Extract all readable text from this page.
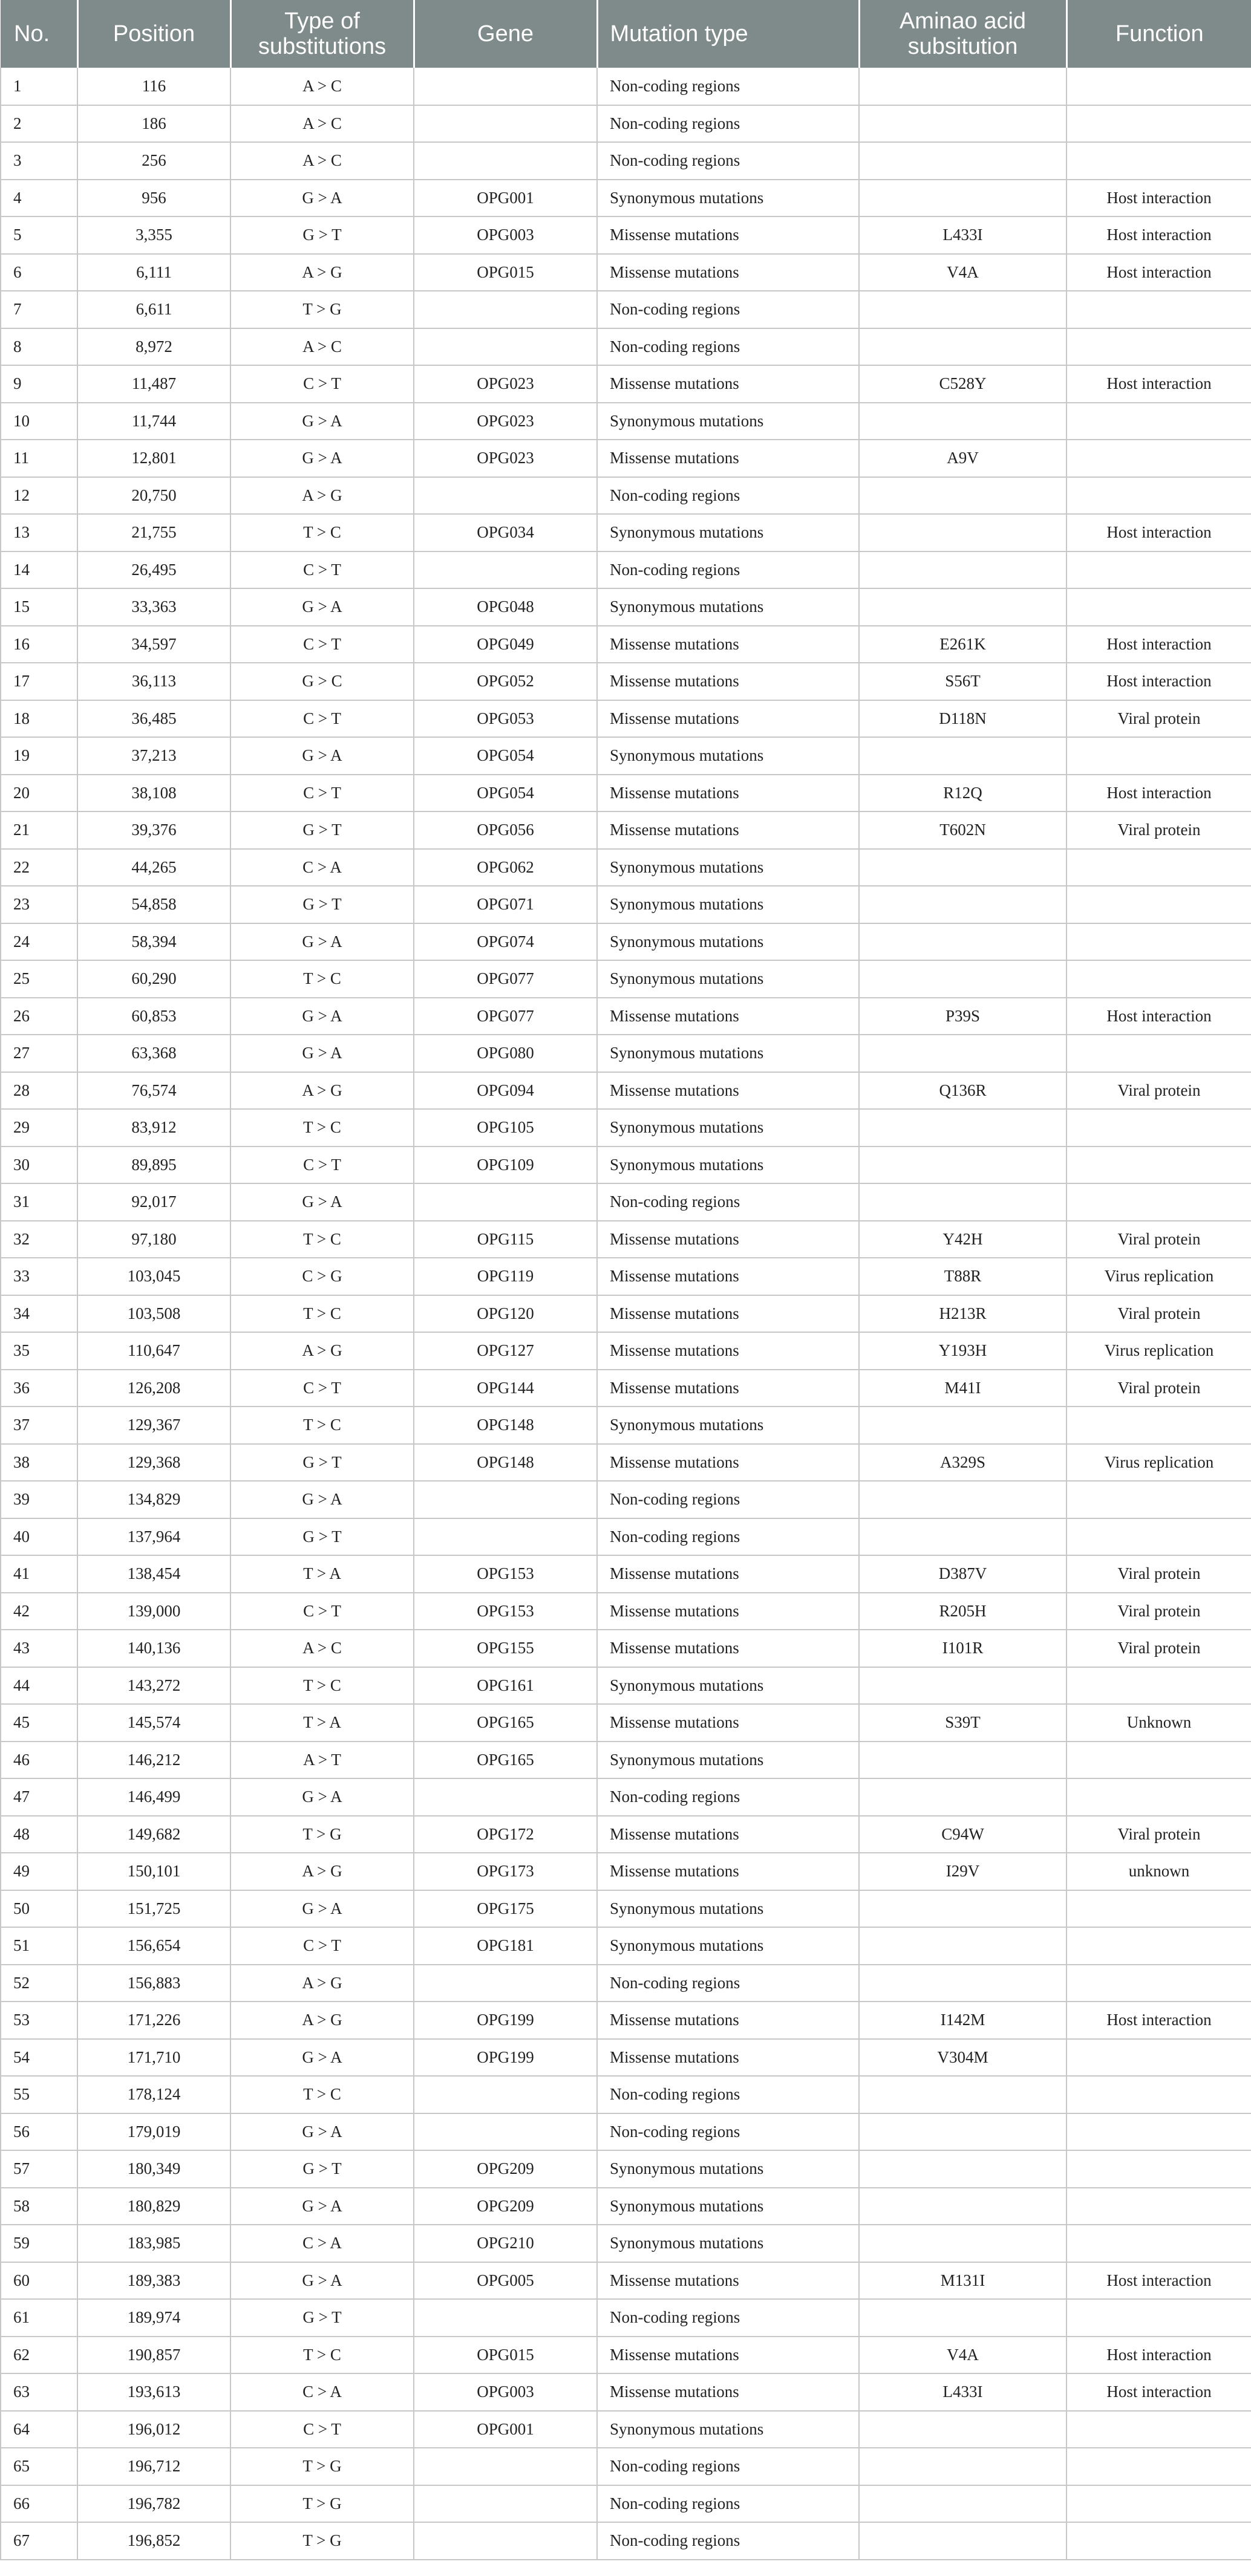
No.	Position	Type of substitutions	Gene	Mutation type	Aminao acid subsitution	Function
1	116	A > C		Non-coding regions		
2	186	A > C		Non-coding regions		
3	256	A > C		Non-coding regions		
4	956	G > A	OPG001	Synonymous mutations		Host interaction
5	3,355	G > T	OPG003	Missense mutations	L433I	Host interaction
6	6,111	A > G	OPG015	Missense mutations	V4A	Host interaction
7	6,611	T > G		Non-coding regions		
8	8,972	A > C		Non-coding regions		
9	11,487	C > T	OPG023	Missense mutations	C528Y	Host interaction
10	11,744	G > A	OPG023	Synonymous mutations		
11	12,801	G > A	OPG023	Missense mutations	A9V	
12	20,750	A > G		Non-coding regions		
13	21,755	T > C	OPG034	Synonymous mutations		Host interaction
14	26,495	C > T		Non-coding regions		
15	33,363	G > A	OPG048	Synonymous mutations		
16	34,597	C > T	OPG049	Missense mutations	E261K	Host interaction
17	36,113	G > C	OPG052	Missense mutations	S56T	Host interaction
18	36,485	C > T	OPG053	Missense mutations	D118N	Viral protein
19	37,213	G > A	OPG054	Synonymous mutations		
20	38,108	C > T	OPG054	Missense mutations	R12Q	Host interaction
21	39,376	G > T	OPG056	Missense mutations	T602N	Viral protein
22	44,265	C > A	OPG062	Synonymous mutations		
23	54,858	G > T	OPG071	Synonymous mutations		
24	58,394	G > A	OPG074	Synonymous mutations		
25	60,290	T > C	OPG077	Synonymous mutations		
26	60,853	G > A	OPG077	Missense mutations	P39S	Host interaction
27	63,368	G > A	OPG080	Synonymous mutations		
28	76,574	A > G	OPG094	Missense mutations	Q136R	Viral protein
29	83,912	T > C	OPG105	Synonymous mutations		
30	89,895	C > T	OPG109	Synonymous mutations		
31	92,017	G > A		Non-coding regions		
32	97,180	T > C	OPG115	Missense mutations	Y42H	Viral protein
33	103,045	C > G	OPG119	Missense mutations	T88R	Virus replication
34	103,508	T > C	OPG120	Missense mutations	H213R	Viral protein
35	110,647	A > G	OPG127	Missense mutations	Y193H	Virus replication
36	126,208	C > T	OPG144	Missense mutations	M41I	Viral protein
37	129,367	T > C	OPG148	Synonymous mutations		
38	129,368	G > T	OPG148	Missense mutations	A329S	Virus replication
39	134,829	G > A		Non-coding regions		
40	137,964	G > T		Non-coding regions		
41	138,454	T > A	OPG153	Missense mutations	D387V	Viral protein
42	139,000	C > T	OPG153	Missense mutations	R205H	Viral protein
43	140,136	A > C	OPG155	Missense mutations	I101R	Viral protein
44	143,272	T > C	OPG161	Synonymous mutations		
45	145,574	T > A	OPG165	Missense mutations	S39T	Unknown
46	146,212	A > T	OPG165	Synonymous mutations		
47	146,499	G > A		Non-coding regions		
48	149,682	T > G	OPG172	Missense mutations	C94W	Viral protein
49	150,101	A > G	OPG173	Missense mutations	I29V	unknown
50	151,725	G > A	OPG175	Synonymous mutations		
51	156,654	C > T	OPG181	Synonymous mutations		
52	156,883	A > G		Non-coding regions		
53	171,226	A > G	OPG199	Missense mutations	I142M	Host interaction
54	171,710	G > A	OPG199	Missense mutations	V304M	
55	178,124	T > C		Non-coding regions		
56	179,019	G > A		Non-coding regions		
57	180,349	G > T	OPG209	Synonymous mutations		
58	180,829	G > A	OPG209	Synonymous mutations		
59	183,985	C > A	OPG210	Synonymous mutations		
60	189,383	G > A	OPG005	Missense mutations	M131I	Host interaction
61	189,974	G > T		Non-coding regions		
62	190,857	T > C	OPG015	Missense mutations	V4A	Host interaction
63	193,613	C > A	OPG003	Missense mutations	L433I	Host interaction
64	196,012	C > T	OPG001	Synonymous mutations		
65	196,712	T > G		Non-coding regions		
66	196,782	T > G		Non-coding regions		
67	196,852	T > G		Non-coding regions		
